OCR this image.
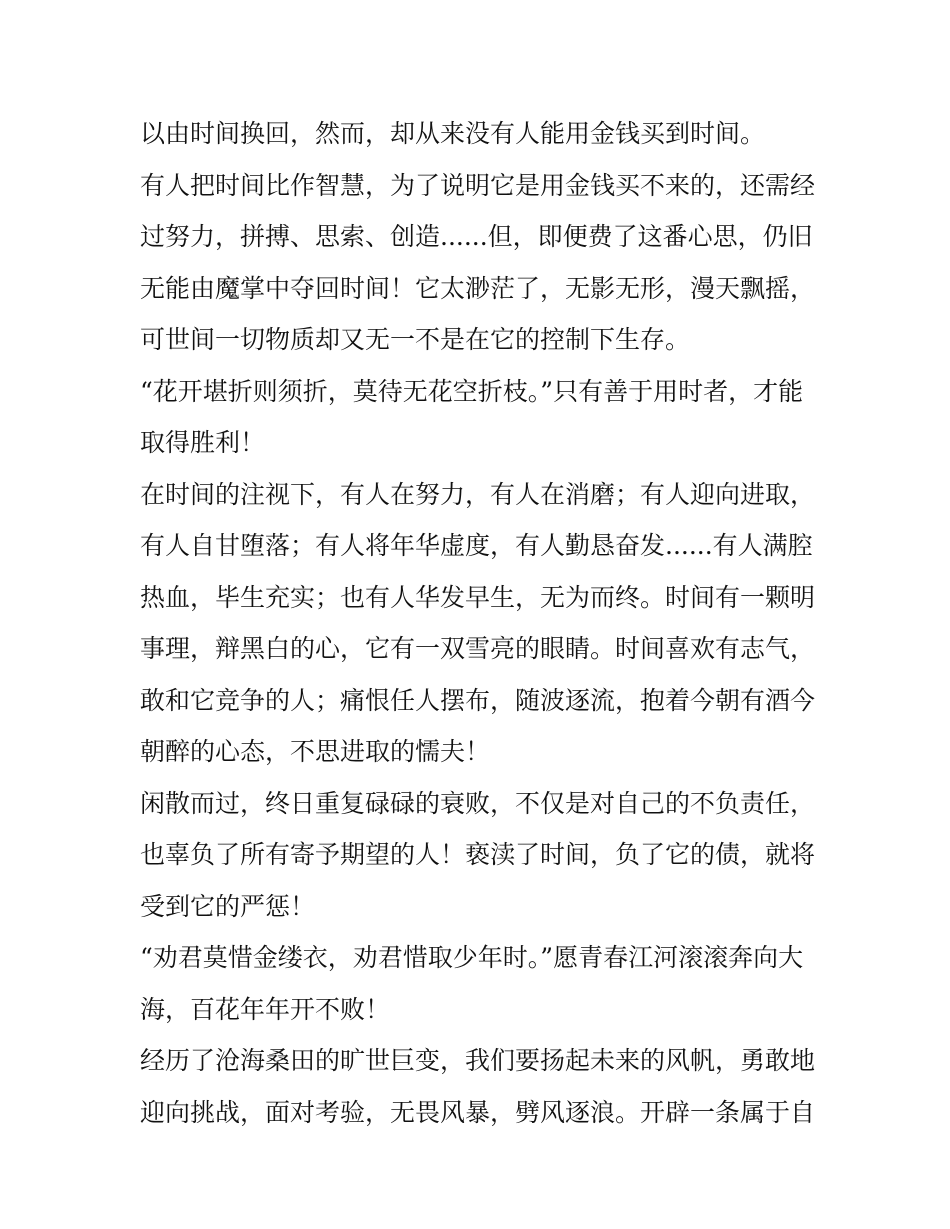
以由时间换回，然而，却从来没有人能用金钱买到时间。
有人把时间比作智慧，为了说明它是用金钱买不来的，还需经
过努力，拼搏、思索、创造......但，即便费了这番心思，仍旧
无能由魔掌中夺回时间！它太渺茫了，无影无形，漫天飘摇，
可世间一切物质却又无一不是在它的控制下生存。
“花开堪折则须折，莫待无花空折枝。”只有善于用时者，才能
取得胜利！
在时间的注视下，有人在努力，有人在消磨；有人迎向进取，
有人自甘堕落；有人将年华虚度，有人勤恳奋发......有人满腔
热血，毕生充实；也有人华发早生，无为而终。时间有一颗明
事理，辩黑白的心，它有一双雪亮的眼睛。时间喜欢有志气，
敢和它竞争的人；痛恨任人摆布，随波逐流，抱着今朝有酒今
朝醉的心态，不思进取的懦夫！
闲散而过，终日重复碌碌的衰败，不仅是对自己的不负责任，
也辜负了所有寄予期望的人！亵渎了时间，负了它的债，就将
受到它的严惩！
“劝君莫惜金缕衣，劝君惜取少年时。”愿青春江河滚滚奔向大
海，百花年年开不败！
经历了沧海桑田的旷世巨变，我们要扬起未来的风帆，勇敢地
迎向挑战，面对考验，无畏风暴，劈风逐浪。开辟一条属于自
